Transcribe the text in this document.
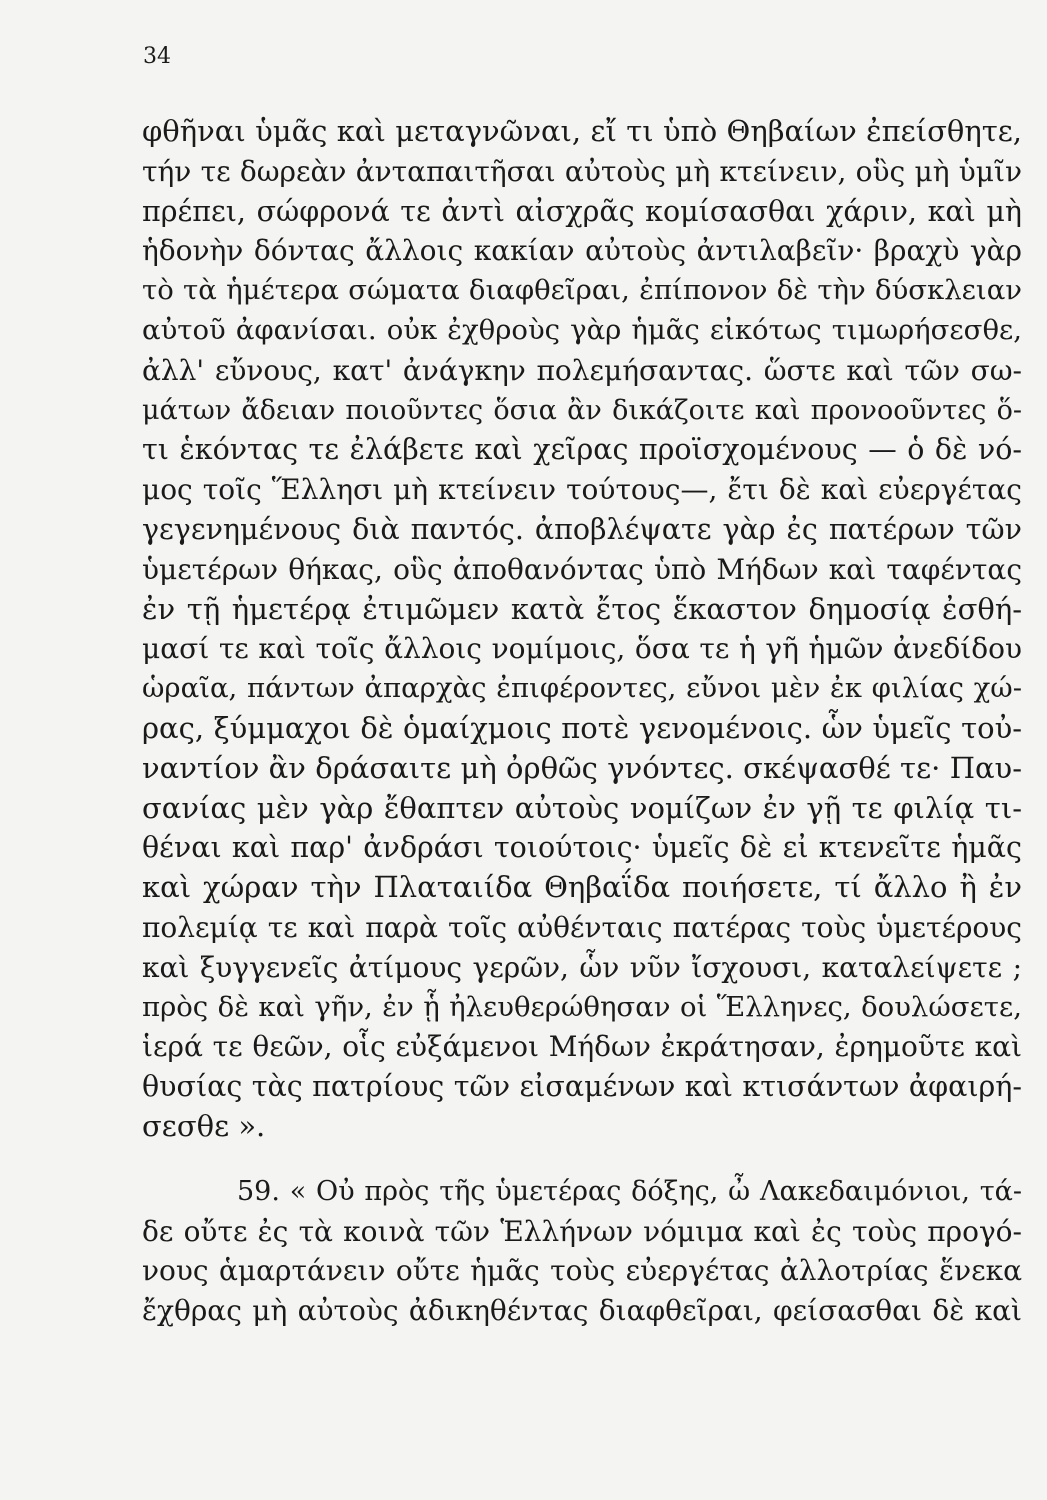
34
φθῆναι ὑμᾶς καὶ μεταγνῶναι, εἴ τι ὑπὸ Θηβαίων ἐπείσθητε,
τήν τε δωρεὰν ἀνταπαιτῆσαι αὐτοὺς μὴ κτείνειν, οὓς μὴ ὑμῖν
πρέπει, σώφρονά τε ἀντὶ αἰσχρᾶς κομίσασθαι χάριν, καὶ μὴ
ἡδονὴν δόντας ἄλλοις κακίαν αὐτοὺς ἀντιλαβεῖν· βραχὺ γὰρ
τὸ τὰ ἡμέτερα σώματα διαφθεῖραι, ἐπίπονον δὲ τὴν δύσκλειαν
αὐτοῦ ἀφανίσαι. οὐκ ἐχθροὺς γὰρ ἡμᾶς εἰκότως τιμωρήσεσθε,
ἀλλ' εὔνους, κατ' ἀνάγκην πολεμήσαντας. ὥστε καὶ τῶν σω-
μάτων ἄδειαν ποιοῦντες ὅσια ἂν δικάζοιτε καὶ προνοοῦντες ὅ-
τι ἑκόντας τε ἐλάβετε καὶ χεῖρας προϊσχομένους — ὁ δὲ νό-
μος τοῖς Ἕλλησι μὴ κτείνειν τούτους—, ἔτι δὲ καὶ εὐεργέτας
γεγενημένους διὰ παντός. ἀποβλέψατε γὰρ ἐς πατέρων τῶν
ὑμετέρων θήκας, οὓς ἀποθανόντας ὑπὸ Μήδων καὶ ταφέντας
ἐν τῇ ἡμετέρᾳ ἐτιμῶμεν κατὰ ἔτος ἕκαστον δημοσίᾳ ἐσθή-
μασί τε καὶ τοῖς ἄλλοις νομίμοις, ὅσα τε ἡ γῆ ἡμῶν ἀνεδίδου
ὡραῖα, πάντων ἀπαρχὰς ἐπιφέροντες, εὔνοι μὲν ἐκ φιλίας χώ-
ρας, ξύμμαχοι δὲ ὁμαίχμοις ποτὲ γενομένοις. ὧν ὑμεῖς τοὐ-
ναντίον ἂν δράσαιτε μὴ ὀρθῶς γνόντες. σκέψασθέ τε· Παυ-
σανίας μὲν γὰρ ἔθαπτεν αὐτοὺς νομίζων ἐν γῇ τε φιλίᾳ τι-
θέναι καὶ παρ' ἀνδράσι τοιούτοις· ὑμεῖς δὲ εἰ κτενεῖτε ἡμᾶς
καὶ χώραν τὴν Πλαταιίδα Θηβαΐδα ποιήσετε, τί ἄλλο ἢ ἐν
πολεμίᾳ τε καὶ παρὰ τοῖς αὐθένταις πατέρας τοὺς ὑμετέρους
καὶ ξυγγενεῖς ἀτίμους γερῶν, ὧν νῦν ἴσχουσι, καταλείψετε ;
πρὸς δὲ καὶ γῆν, ἐν ᾗ ἠλευθερώθησαν οἱ Ἕλληνες, δουλώσετε,
ἱερά τε θεῶν, οἷς εὐξάμενοι Μήδων ἐκράτησαν, ἐρημοῦτε καὶ
θυσίας τὰς πατρίους τῶν εἰσαμένων καὶ κτισάντων ἀφαιρή-
σεσθε ».
59. « Οὐ πρὸς τῆς ὑμετέρας δόξης, ὦ Λακεδαιμόνιοι, τά-
δε οὔτε ἐς τὰ κοινὰ τῶν Ἑλλήνων νόμιμα καὶ ἐς τοὺς προγό-
νους ἁμαρτάνειν οὔτε ἡμᾶς τοὺς εὐεργέτας ἀλλοτρίας ἕνεκα
ἔχθρας μὴ αὐτοὺς ἀδικηθέντας διαφθεῖραι, φείσασθαι δὲ καὶ
